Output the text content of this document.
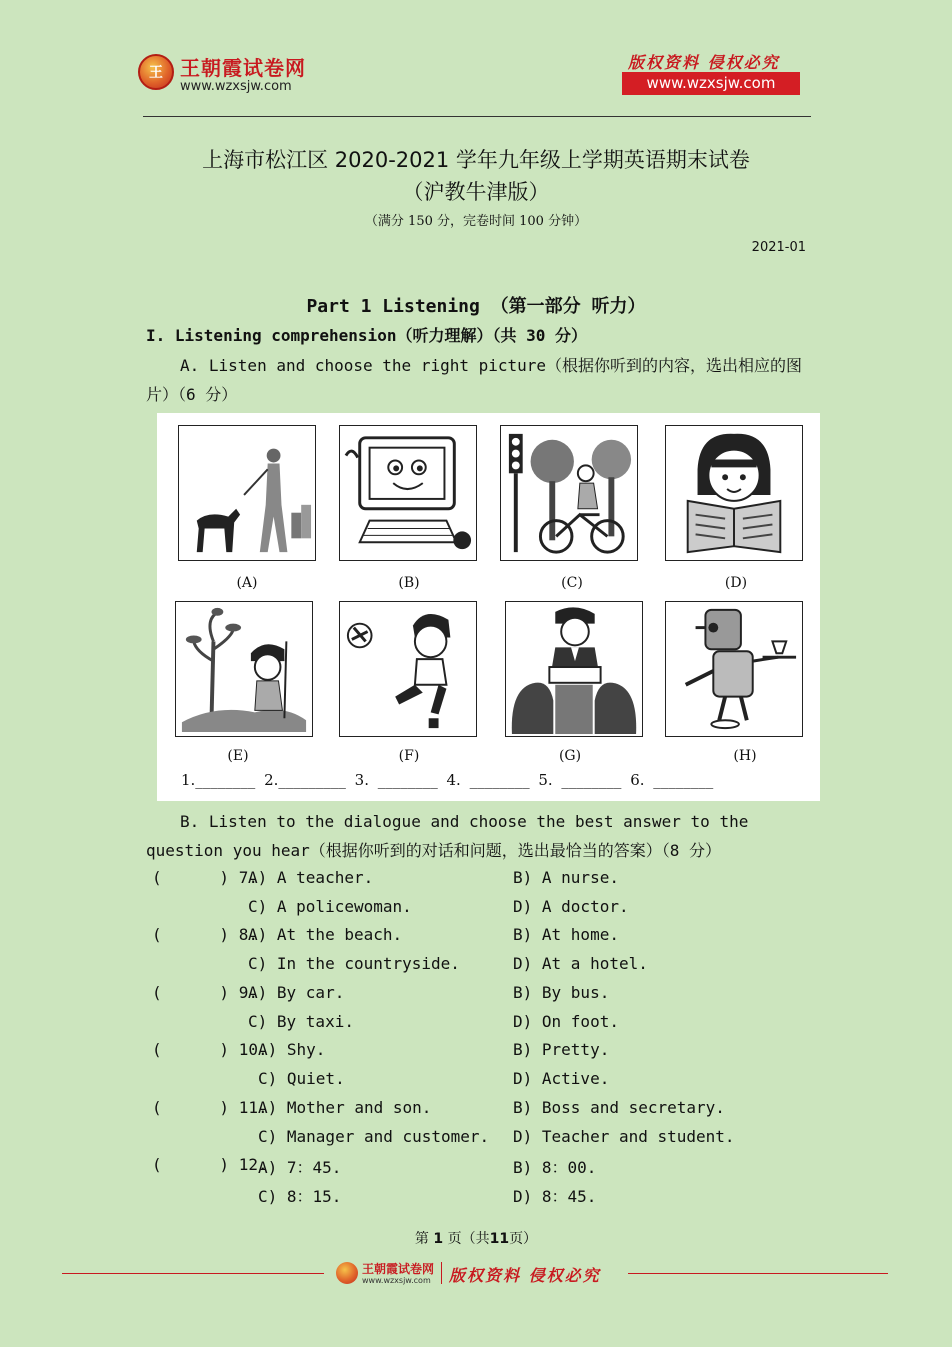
王 王朝霞试卷网
www.wzxsjw.com
版权资料 侵权必究
www.wzxsjw.com
上海市松江区 2020-2021 学年九年级上学期英语期末试卷
（沪教牛津版）
（满分 150 分，完卷时间 100 分钟）
2021-01
Part 1 Listening （第一部分 听力）
I. Listening comprehension（听力理解）（共 30 分）
A. Listen and choose the right picture（根据你听到的内容，选出相应的图片）（6 分）
(A)	(B)	(C)	(D)
(E)	(F)	(G)	(H)
1.________ 2._________ 3. ________ 4. ________ 5. ________ 6. ________
B. Listen to the dialogue and choose the best answer to the question you hear（根据你听到的对话和问题，选出最恰当的答案）（8 分）
(      ) 7.
A) A teacher.	B) A nurse.
C) A policewoman.	D) A doctor.
(      ) 8.
A) At the beach.	B) At home.
C) In the countryside.	D) At a hotel.
(      ) 9.
A) By car.	B) By bus.
C) By taxi.	D) On foot.
(      ) 10.
A) Shy.	B) Pretty.
C) Quiet.	D) Active.
(      ) 11.
A) Mother and son.	B) Boss and secretary.
C) Manager and customer. D) Teacher and student.
(      ) 12.
A) 7：45.	B) 8：00.
C) 8：15.	D) 8：45.
第 1 页（共11页）
王朝霞试卷网
www.wzxsjw.com 版权资料 侵权必究
